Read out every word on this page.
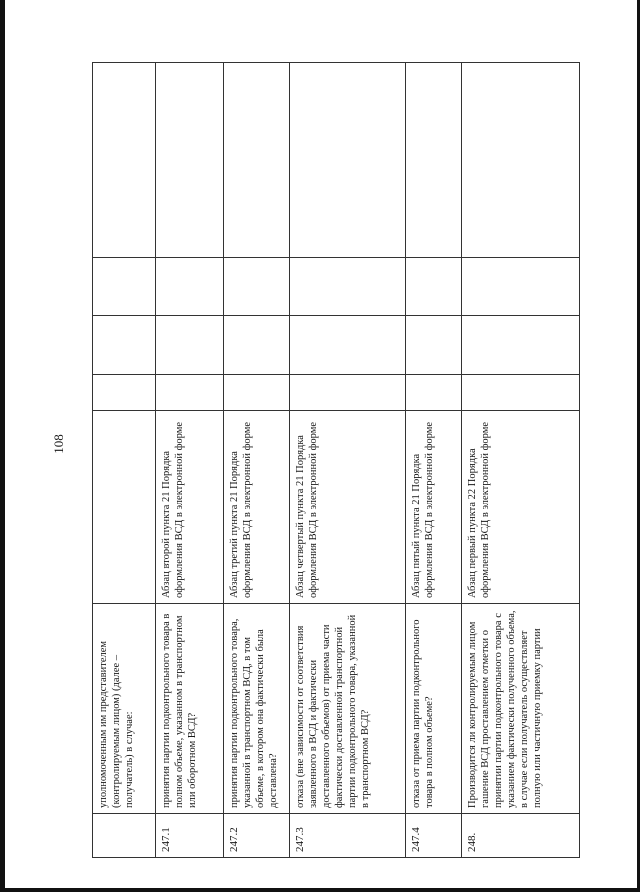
108
	уполномоченным им представителем (контролируемым лицом) (далее – получатель) в случае:					
247.1	принятия партии подконтрольного товара в полном объеме, указанном в транспортном или оборотном ВСД?	Абзац второй пункта 21 Порядка оформления ВСД в электронной форме				
247.2	принятия партии подконтрольного товара, указанной в транспортном ВСД, в том объеме, в котором она фактически была доставлена?	Абзац третий пункта 21 Порядка оформления ВСД в электронной форме				
247.3	отказа (вне зависимости от соответствия заявленного в ВСД и фактически доставленного объемов) от приема части фактически доставленной транспортной партии подконтрольного товара, указанной в транспортном ВСД?	Абзац четвертый пункта 21 Порядка оформления ВСД в электронной форме				
247.4	отказа от приема партии подконтрольного товара в полном объеме?	Абзац пятый пункта 21 Порядка оформления ВСД в электронной форме				
248.	Производится ли контролируемым лицом гашение ВСД проставлением отметки о принятии партии подконтрольного товара с указанием фактически полученного объема, в случае если получатель осуществляет полную или частичную приемку партии	Абзац первый пункта 22 Порядка оформления ВСД в электронной форме				
